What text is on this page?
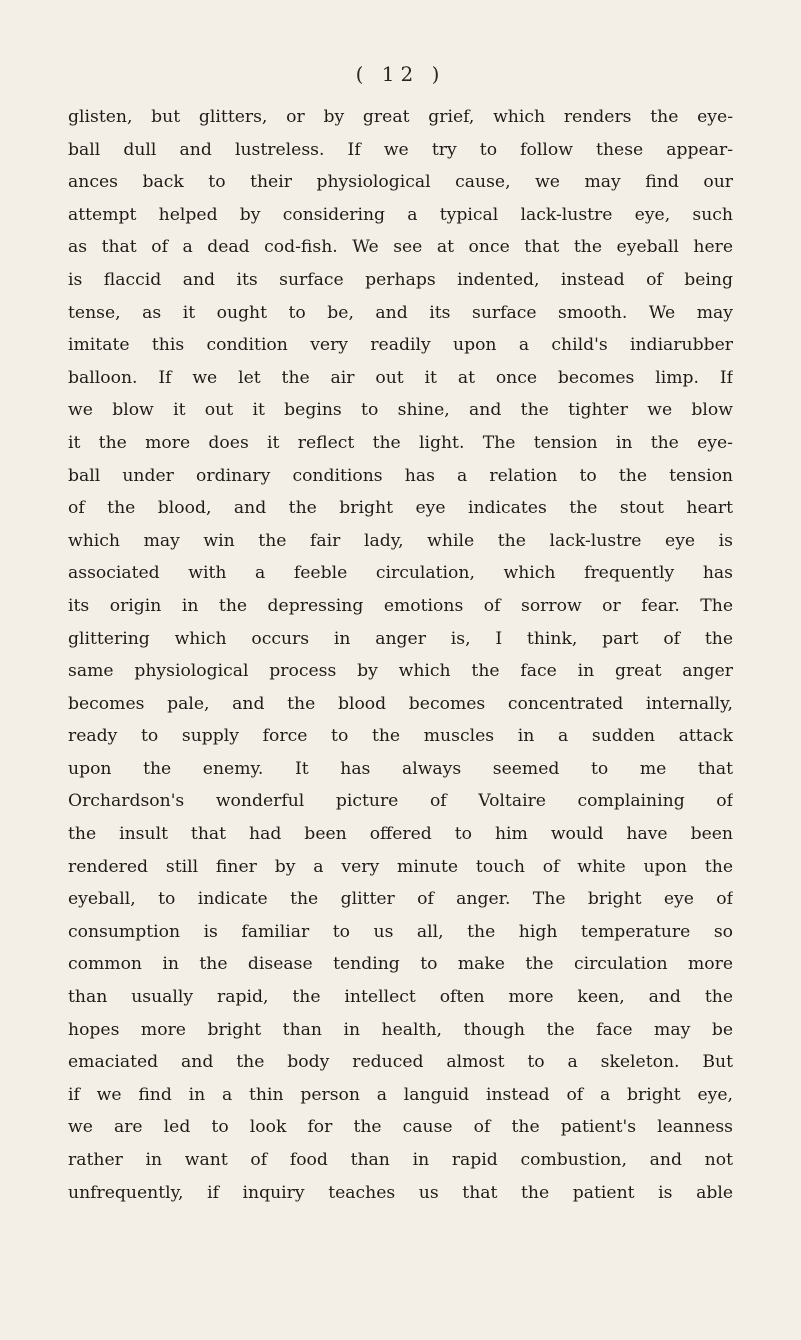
( 12 )
glisten, but glitters, or by great grief, which renders the eye-
ball dull and lustreless. If we try to follow these appear-
ances back to their physiological cause, we may find our
attempt helped by considering a typical lack-lustre eye, such
as that of a dead cod-fish. We see at once that the eyeball here
is flaccid and its surface perhaps indented, instead of being
tense, as it ought to be, and its surface smooth. We may
imitate this condition very readily upon a child's indiarubber
balloon. If we let the air out it at once becomes limp. If
we blow it out it begins to shine, and the tighter we blow
it the more does it reflect the light. The tension in the eye-
ball under ordinary conditions has a relation to the tension
of the blood, and the bright eye indicates the stout heart
which may win the fair lady, while the lack-lustre eye is
associated with a feeble circulation, which frequently has
its origin in the depressing emotions of sorrow or fear. The
glittering which occurs in anger is, I think, part of the
same physiological process by which the face in great anger
becomes pale, and the blood becomes concentrated internally,
ready to supply force to the muscles in a sudden attack
upon the enemy. It has always seemed to me that
Orchardson's wonderful picture of Voltaire complaining of
the insult that had been offered to him would have been
rendered still finer by a very minute touch of white upon the
eyeball, to indicate the glitter of anger. The bright eye of
consumption is familiar to us all, the high temperature so
common in the disease tending to make the circulation more
than usually rapid, the intellect often more keen, and the
hopes more bright than in health, though the face may be
emaciated and the body reduced almost to a skeleton. But
if we find in a thin person a languid instead of a bright eye,
we are led to look for the cause of the patient's leanness
rather in want of food than in rapid combustion, and not
unfrequently, if inquiry teaches us that the patient is able
